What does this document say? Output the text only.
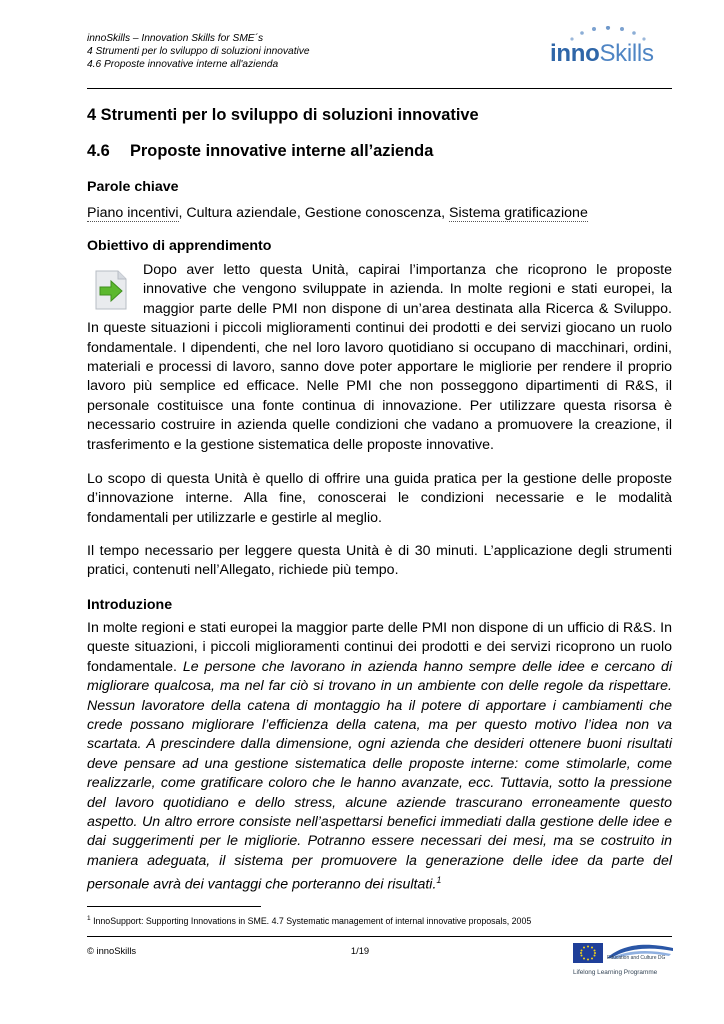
innoSkills – Innovation Skills for SME´s
4 Strumenti per lo sviluppo di soluzioni innovative
4.6 Proposte innovative interne all'azienda	innoSkills
4 Strumenti per lo sviluppo di soluzioni innovative
4.6 Proposte innovative interne all’azienda
Parole chiave
Piano incentivi, Cultura aziendale, Gestione conoscenza, Sistema gratificazione
Obiettivo di apprendimento

Dopo aver letto questa Unità, capirai l’importanza che ricoprono le proposte innovative che vengono sviluppate in azienda. In molte regioni e stati europei, la maggior parte delle PMI non dispone di un’area destinata alla Ricerca & Sviluppo. In queste situazioni i piccoli miglioramenti continui dei prodotti e dei servizi giocano un ruolo fondamentale. I dipendenti, che nel loro lavoro quotidiano si occupano di macchinari, ordini, materiali e processi di lavoro, sanno dove poter apportare le migliorie per rendere il proprio lavoro più semplice ed efficace. Nelle PMI che non posseggono dipartimenti di R&S, il personale costituisce una fonte continua di innovazione. Per utilizzare questa risorsa è necessario costruire in azienda quelle condizioni che vadano a promuovere la creazione, il trasferimento e la gestione sistematica delle proposte innovative.

Lo scopo di questa Unità è quello di offrire una guida pratica per la gestione delle proposte d’innovazione interne. Alla fine, conoscerai le condizioni necessarie e le modalità fondamentali per utilizzarle e gestirle al meglio.

Il tempo necessario per leggere questa Unità è di 30 minuti. L’applicazione degli strumenti pratici, contenuti nell’Allegato, richiede più tempo.

Introduzione

In molte regioni e stati europei la maggior parte delle PMI non dispone di un ufficio di R&S. In queste situazioni, i piccoli miglioramenti continui dei prodotti e dei servizi ricoprono un ruolo fondamentale. Le persone che lavorano in azienda hanno sempre delle idee e cercano di migliorare qualcosa, ma nel far ciò si trovano in un ambiente con delle regole da rispettare. Nessun lavoratore della catena di montaggio ha il potere di apportare i cambiamenti che crede possano migliorare l’efficienza della catena, ma per questo motivo l’idea non va scartata. A prescindere dalla dimensione, ogni azienda che desideri ottenere buoni risultati deve pensare ad una gestione sistematica delle proposte interne: come stimolarle, come realizzarle, come gratificare coloro che le hanno avanzate, ecc. Tuttavia, sotto la pressione del lavoro quotidiano e dello stress, alcune aziende trascurano erroneamente questo aspetto. Un altro errore consiste nell’aspettarsi benefici immediati dalla gestione delle idee e dai suggerimenti per le migliorie. Potranno essere necessari dei mesi, ma se costruito in maniera adeguata, il sistema per promuovere la generazione delle idee da parte del personale avrà dei vantaggi che porteranno dei risultati.$^1$

$^1$ InnoSupport: Supporting Innovations in SME. 4.7 Systematic management of internal innovative proposals, 2005
© innoSkills	1/19
Education and Culture DG
Lifelong Learning Programme
